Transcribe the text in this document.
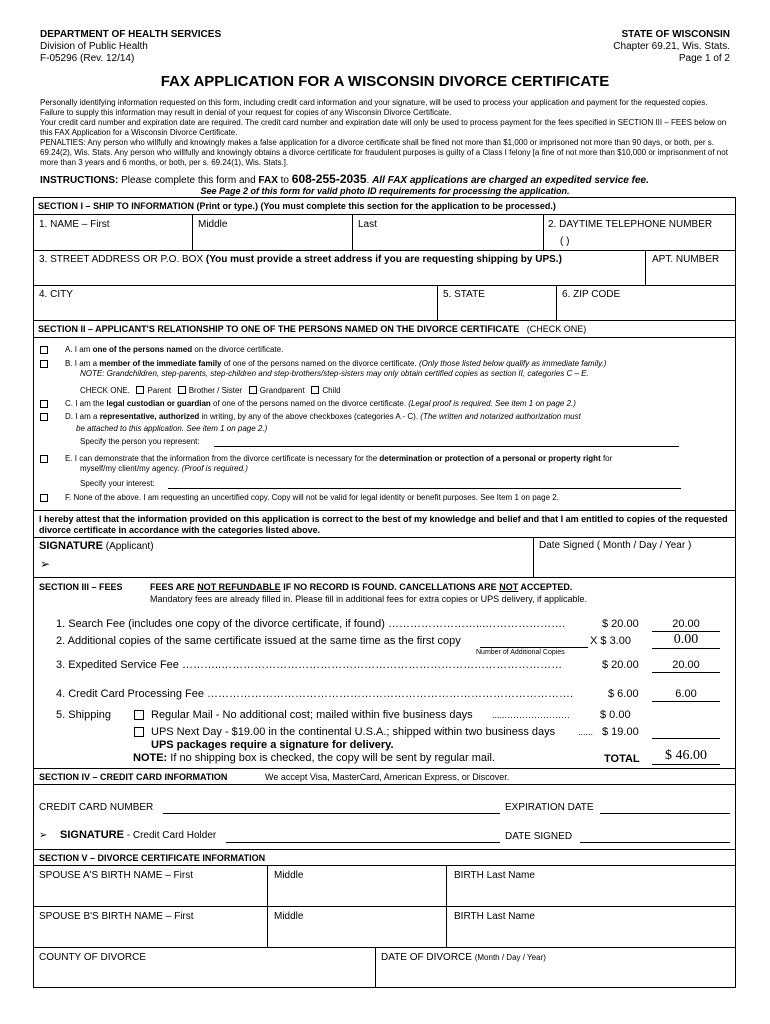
DEPARTMENT OF HEALTH SERVICES
Division of Public Health
F-05296 (Rev. 12/14)
STATE OF WISCONSIN
Chapter 69.21, Wis. Stats.
Page 1 of 2
FAX APPLICATION FOR A WISCONSIN DIVORCE CERTIFICATE
Personally identifying information requested on this form, including credit card information and your signature, will be used to process your application and payment for the requested copies. Failure to supply this information may result in denial of your request for copies of any Wisconsin Divorce Certificate.
Your credit card number and expiration date are required. The credit card number and expiration date will only be used to process payment for the fees specified in SECTION III – FEES below on this FAX Application for a Wisconsin Divorce Certificate.
PENALTIES: Any person who willfully and knowingly makes a false application for a divorce certificate shall be fined not more than $1,000 or imprisoned not more than 90 days, or both, per s. 69.24(2), Wis. Stats. Any person who willfully and knowingly obtains a divorce certificate for fraudulent purposes is guilty of a Class I felony [a fine of not more than $10,000 or imprisonment of not more than 3 years and 6 months, or both, per s. 69.24(1), Wis. Stats.].
INSTRUCTIONS: Please complete this form and FAX to 608-255-2035. All FAX applications are charged an expedited service fee.
See Page 2 of this form for valid photo ID requirements for processing the application.
SECTION I – SHIP TO INFORMATION (Print or type.) (You must complete this section for the application to be processed.)
1. NAME – First	Middle	Last	2. DAYTIME TELEPHONE NUMBER
( )
3. STREET ADDRESS OR P.O. BOX (You must provide a street address if you are requesting shipping by UPS.)	APT. NUMBER
4. CITY	5. STATE	6. ZIP CODE
SECTION II – APPLICANT'S RELATIONSHIP TO ONE OF THE PERSONS NAMED ON THE DIVORCE CERTIFICATE (CHECK ONE)
A. I am one of the persons named on the divorce certificate.
B. I am a member of the immediate family of one of the persons named on the divorce certificate. (Only those listed below qualify as immediate family.)
NOTE: Grandchildren, step-parents, step-children and step-brothers/step-sisters may only obtain certified copies as section II, categories C – E.
CHECK ONE. Parent Brother / Sister Grandparent Child
C. I am the legal custodian or guardian of one of the persons named on the divorce certificate. (Legal proof is required. See item 1 on page 2.)
D. I am a representative, authorized in writing, by any of the above checkboxes (categories A - C). (The written and notarized authorization must
be attached to this application. See item 1 on page 2.)
Specify the person you represent:
E. I can demonstrate that the information from the divorce certificate is necessary for the determination or protection of a personal or property right for
myself/my client/my agency. (Proof is required.)
Specify your interest:
F. None of the above. I am requesting an uncertified copy. Copy will not be valid for legal identity or benefit purposes. See Item 1 on page 2.
I hereby attest that the information provided on this application is correct to the best of my knowledge and belief and that I am entitled to copies of the requested divorce certificate in accordance with the categories listed above.
SIGNATURE (Applicant)	Date Signed ( Month / Day / Year )
➢
SECTION III – FEES	FEES ARE NOT REFUNDABLE IF NO RECORD IS FOUND. CANCELLATIONS ARE NOT ACCEPTED.
Mandatory fees are already filled in. Please fill in additional fees for extra copies or UPS delivery, if applicable.
1. Search Fee (includes one copy of the divorce certificate, if found) ……………………...………………….	$ 20.00	20.00
2. Additional copies of the same certificate issued at the same time as the first copy	X $ 3.00	0.00
Number of Additional Copies
3. Expedited Service Fee ………..…………………………………………………………………………………	$ 20.00	20.00
4. Credit Card Processing Fee ……………………………………………………………………………………….	$ 6.00	6.00
5. Shipping	Regular Mail - No additional cost; mailed within five business days ......…………………	$ 0.00
UPS Next Day - $19.00 in the continental U.S.A.; shipped within two business days	...... $ 19.00
UPS packages require a signature for delivery.
NOTE: If no shipping box is checked, the copy will be sent by regular mail.	TOTAL	$ 46.00
SECTION IV – CREDIT CARD INFORMATION	We accept Visa, MasterCard, American Express, or Discover.
CREDIT CARD NUMBER	EXPIRATION DATE
➢ SIGNATURE - Credit Card Holder	DATE SIGNED
SECTION V – DIVORCE CERTIFICATE INFORMATION
SPOUSE A'S BIRTH NAME – First	Middle	BIRTH Last Name
SPOUSE B'S BIRTH NAME – First	Middle	BIRTH Last Name
COUNTY OF DIVORCE	DATE OF DIVORCE (Month / Day / Year)
